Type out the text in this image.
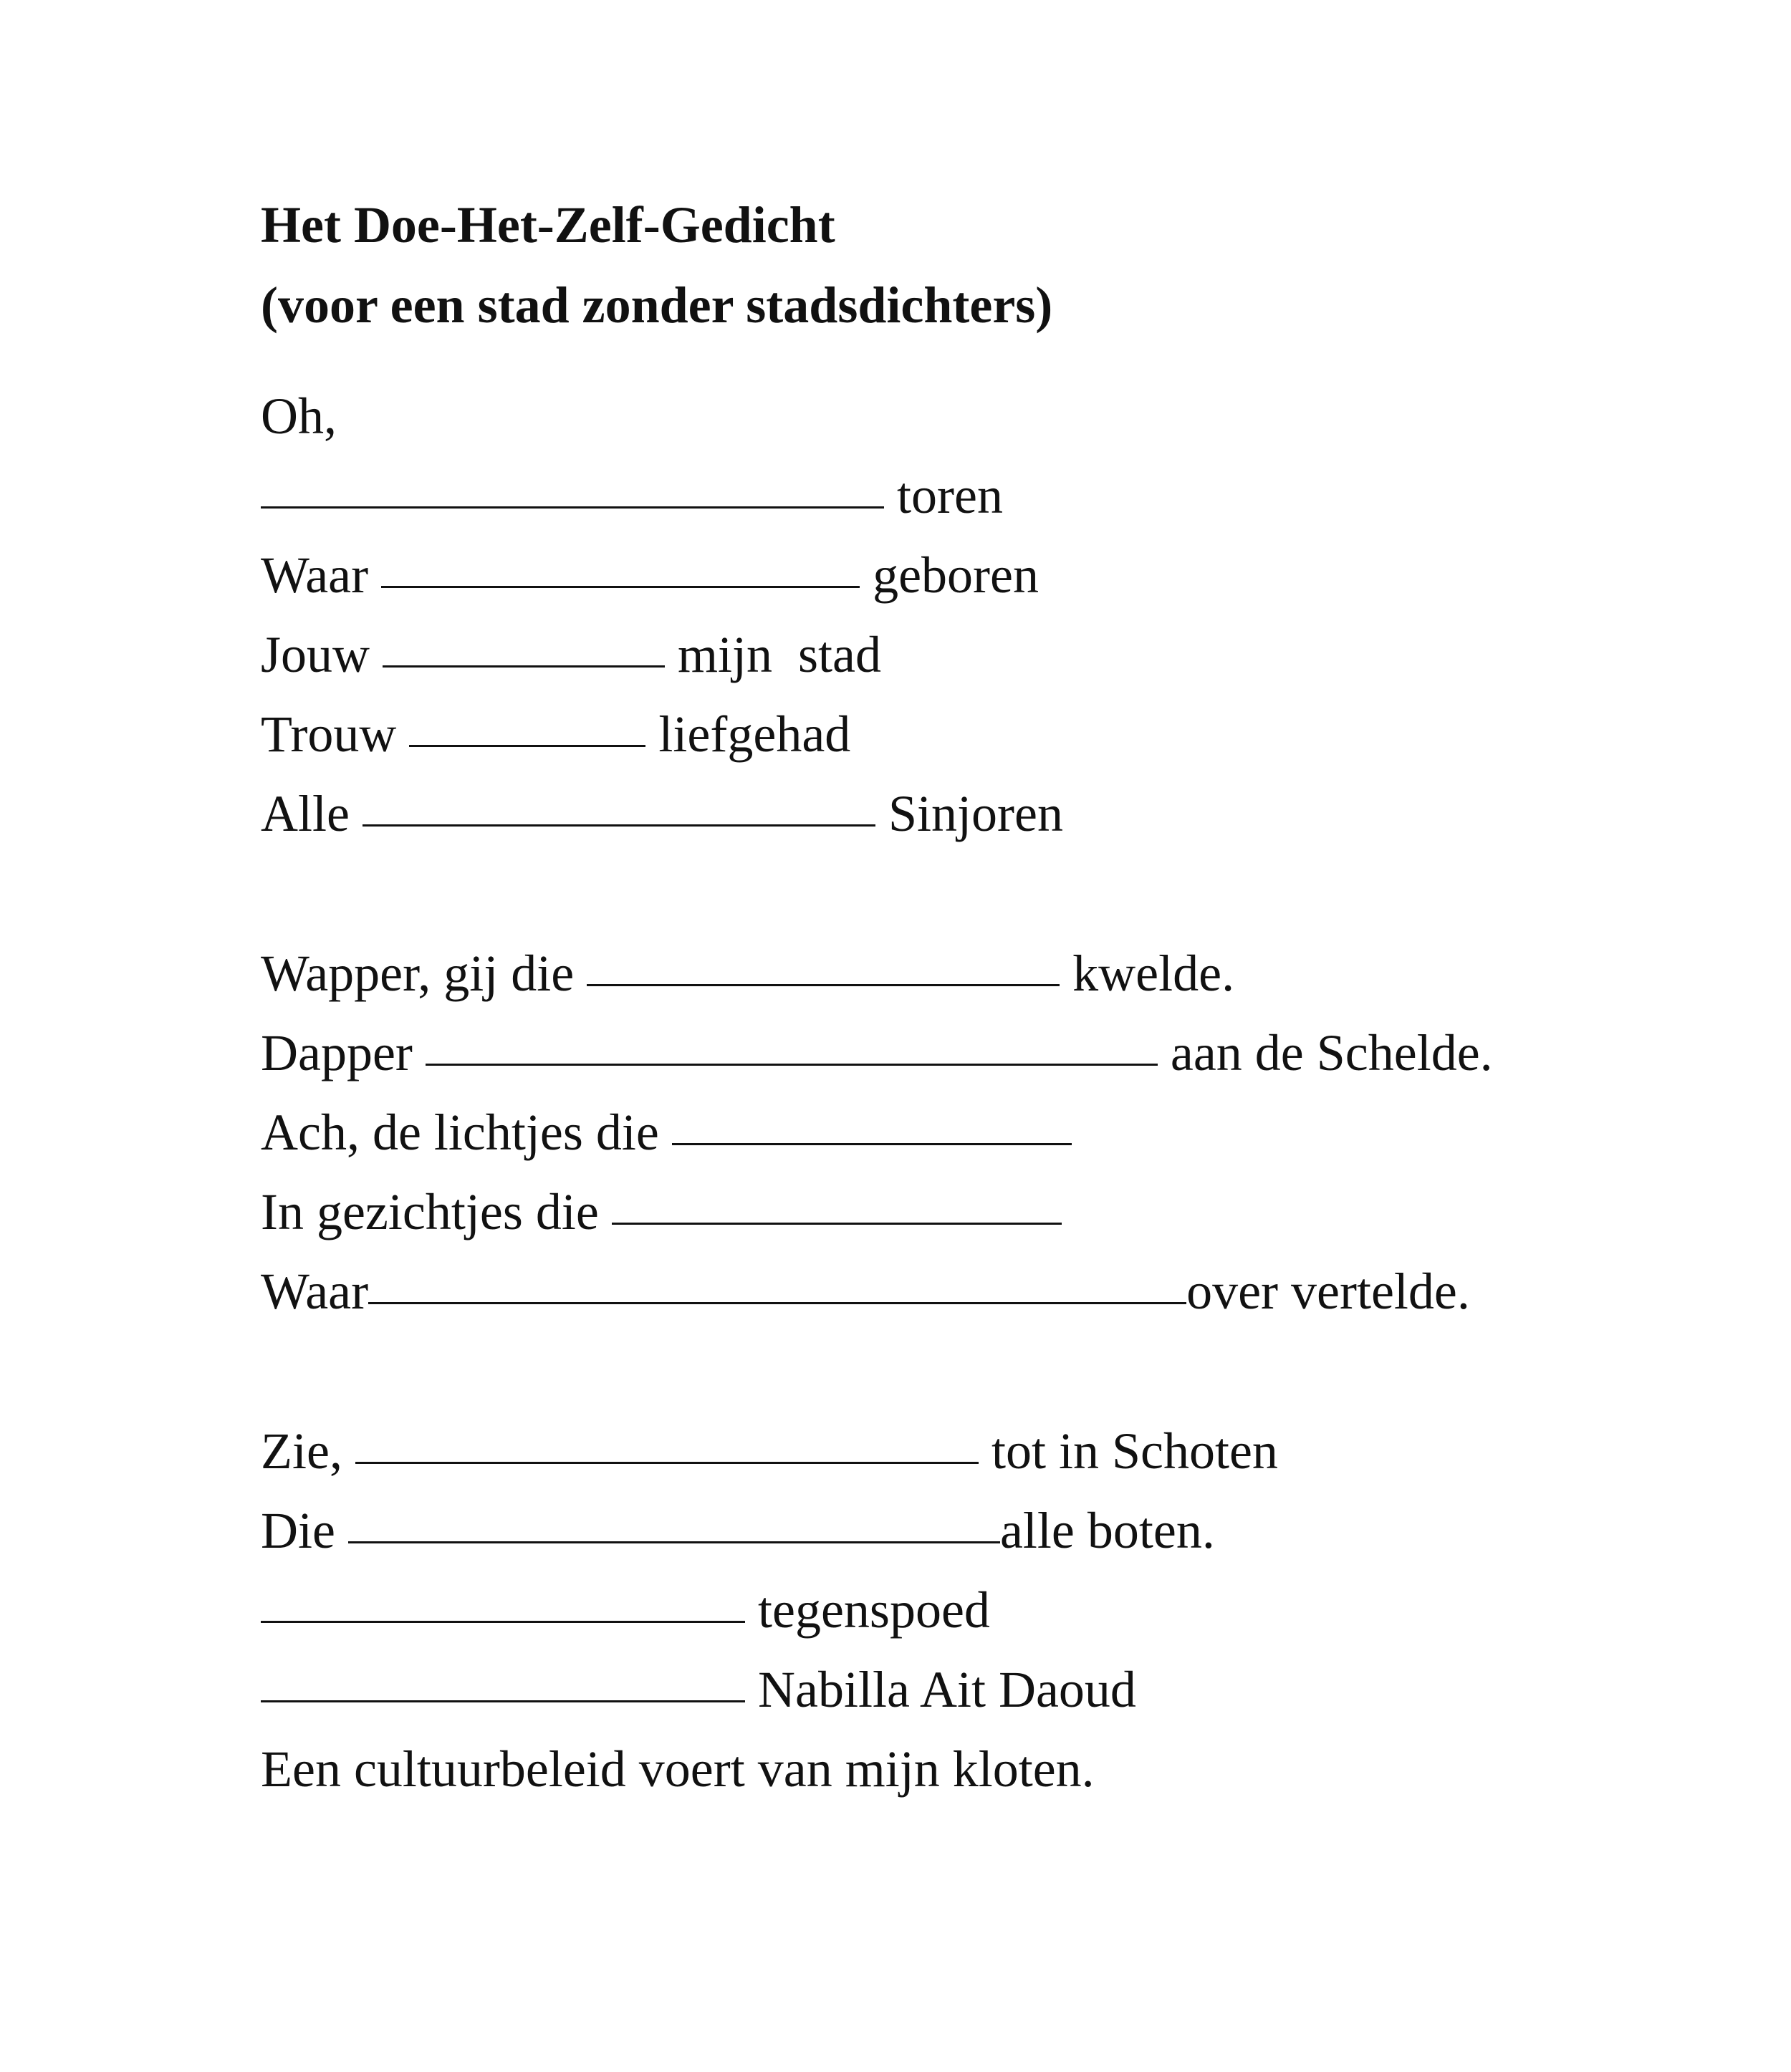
Het Doe-Het-Zelf-Gedicht

(voor een stad zonder stadsdichters)

Oh,
toren
Waar	geboren
Jouw	mijn  stad
Trouw	liefgehad
Alle	Sinjoren
Wapper, gij die	kwelde.
Dapper	aan de Schelde.
Ach, de lichtjes die
In gezichtjes die
Waar	over vertelde.
Zie,	tot in Schoten
Die	alle boten.
tegenspoed
Nabilla Ait Daoud
Een cultuurbeleid voert van mijn kloten.
